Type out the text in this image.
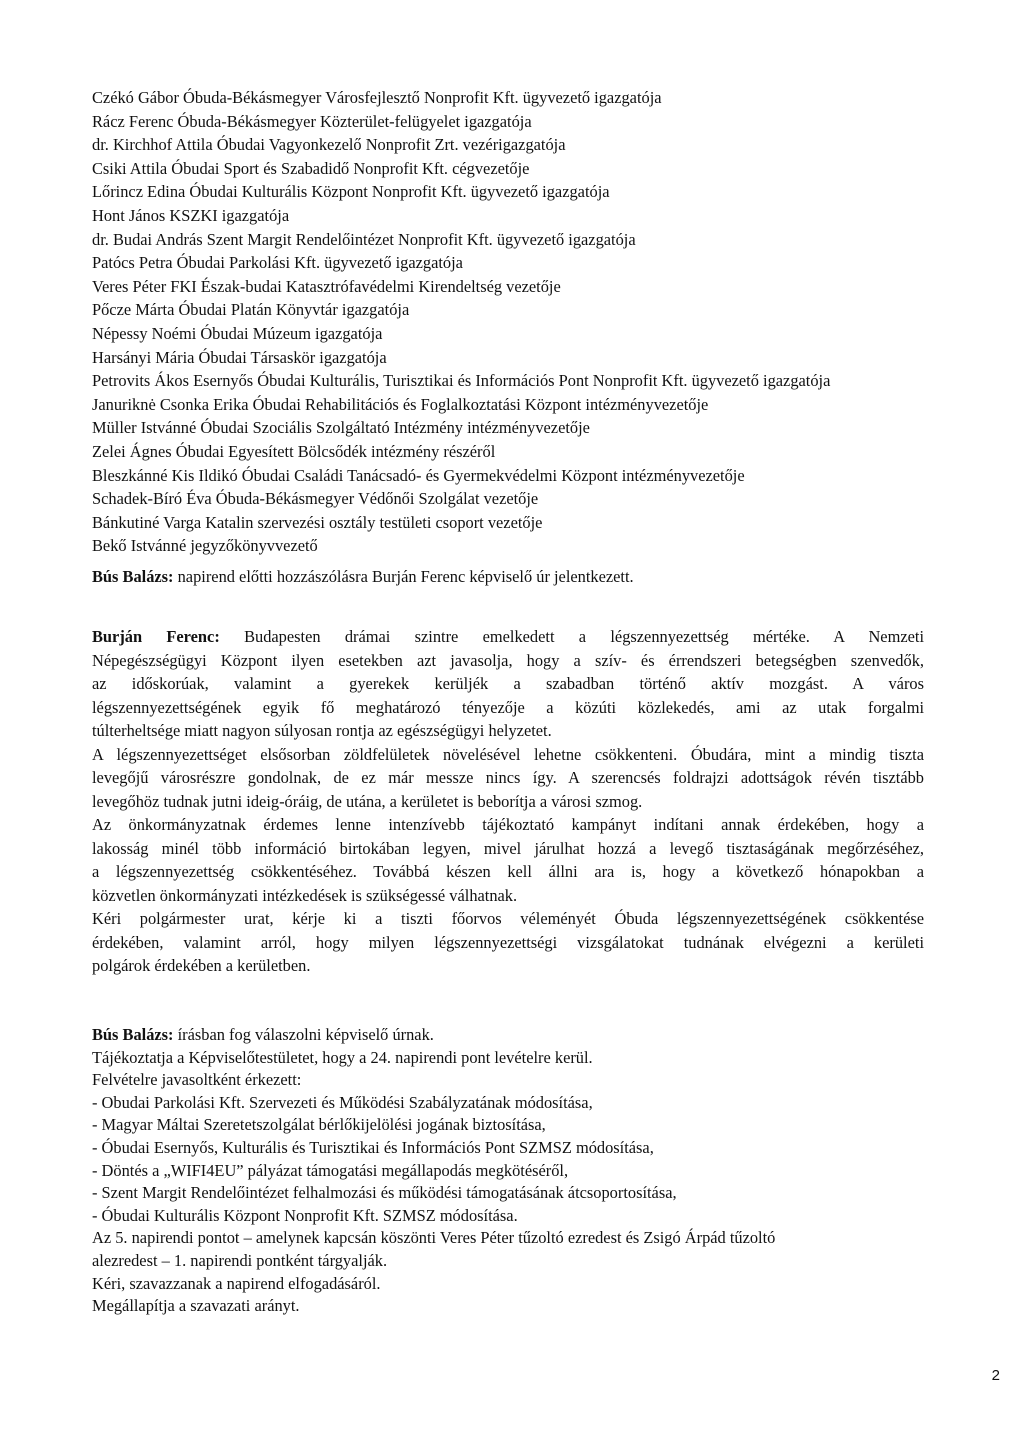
Czékó Gábor Óbuda-Békásmegyer Városfejlesztő Nonprofit Kft. ügyvezető igazgatója
Rácz Ferenc Óbuda-Békásmegyer Közterület-felügyelet igazgatója
dr. Kirchhof Attila Óbudai Vagyonkezelő Nonprofit Zrt. vezérigazgatója
Csiki Attila Óbudai Sport és Szabadidő Nonprofit Kft. cégvezetője
Lőrincz Edina Óbudai Kulturális Központ Nonprofit Kft. ügyvezető igazgatója
Hont János KSZKI igazgatója
dr. Budai András Szent Margit Rendelőintézet Nonprofit Kft. ügyvezető igazgatója
Patócs Petra Óbudai Parkolási Kft. ügyvezető igazgatója
Veres Péter FKI Észak-budai Katasztrófavédelmi Kirendeltség vezetője
Pőcze Márta Óbudai Platán Könyvtár igazgatója
Népessy Noémi Óbudai Múzeum igazgatója
Harsányi Mária Óbudai Társaskör igazgatója
Petrovits Ákos Esernyős Óbudai Kulturális, Turisztikai és Információs Pont Nonprofit Kft. ügyvezető igazgatója
Januriknė Csonka Erika Óbudai Rehabilitációs és Foglalkoztatási Központ intézményvezetője
Müller Istvánné Óbudai Szociális Szolgáltató Intézmény intézményvezetője
Zelei Ágnes Óbudai Egyesített Bölcsődék intézmény részéről
Bleszkánné Kis Ildikó Óbudai Családi Tanácsadó- és Gyermekvédelmi Központ intézményvezetője
Schadek-Bíró Éva Óbuda-Békásmegyer Védőnői Szolgálat vezetője
Bánkutiné Varga Katalin szervezési osztály testületi csoport vezetője
Bekő Istvánné jegyzőkönyvvezető
Bús Balázs: napirend előtti hozzászólásra Burján Ferenc képviselő úr jelentkezett.
Burján Ferenc: Budapesten drámai szintre emelkedett a légszennyezettség mértéke. A Nemzeti
Népegészségügyi Központ ilyen esetekben azt javasolja, hogy a szív- és érrendszeri betegségben szenvedők,
az időskorúak, valamint a gyerekek kerüljék a szabadban történő aktív mozgást. A város
légszennyezettségének egyik fő meghatározó tényezője a közúti közlekedés, ami az utak forgalmi
túlterheltsége miatt nagyon súlyosan rontja az egészségügyi helyzetet.
A légszennyezettséget elsősorban zöldfelületek növelésével lehetne csökkenteni. Óbudára, mint a mindig tiszta
levegőjű városrészre gondolnak, de ez már messze nincs így. A szerencsés foldrajzi adottságok révén tisztább
levegőhöz tudnak jutni ideig-óráig, de utána, a kerületet is beborítja a városi szmog.
Az önkormányzatnak érdemes lenne intenzívebb tájékoztató kampányt indítani annak érdekében, hogy a
lakosság minél több információ birtokában legyen, mivel járulhat hozzá a levegő tisztaságának megőrzéséhez,
a légszennyezettség csökkentéséhez. Továbbá készen kell állni ara is, hogy a következő hónapokban a
közvetlen önkormányzati intézkedések is szükségessé válhatnak.
Kéri polgármester urat, kérje ki a tiszti főorvos véleményét Óbuda légszennyezettségének csökkentése
érdekében, valamint arról, hogy milyen légszennyezettségi vizsgálatokat tudnának elvégezni a kerületi
polgárok érdekében a kerületben.
Bús Balázs: írásban fog válaszolni képviselő úrnak.
Tájékoztatja a Képviselőtestületet, hogy a 24. napirendi pont levételre kerül.
Felvételre javasoltként érkezett:
- Obudai Parkolási Kft. Szervezeti és Működési Szabályzatának módosítása,
- Magyar Máltai Szeretetszolgálat bérlőkijelölési jogának biztosítása,
- Óbudai Esernyős, Kulturális és Turisztikai és Információs Pont SZMSZ módosítása,
- Döntés a „WIFI4EU” pályázat támogatási megállapodás megkötéséről,
- Szent Margit Rendelőintézet felhalmozási és működési támogatásának átcsoportosítása,
- Óbudai Kulturális Központ Nonprofit Kft. SZMSZ módosítása.
Az 5. napirendi pontot – amelynek kapcsán köszönti Veres Péter tűzoltó ezredest és Zsigó Árpád tűzoltó
alezredest – 1. napirendi pontként tárgyalják.
Kéri, szavazzanak a napirend elfogadásáról.
Megállapítja a szavazati arányt.
2
